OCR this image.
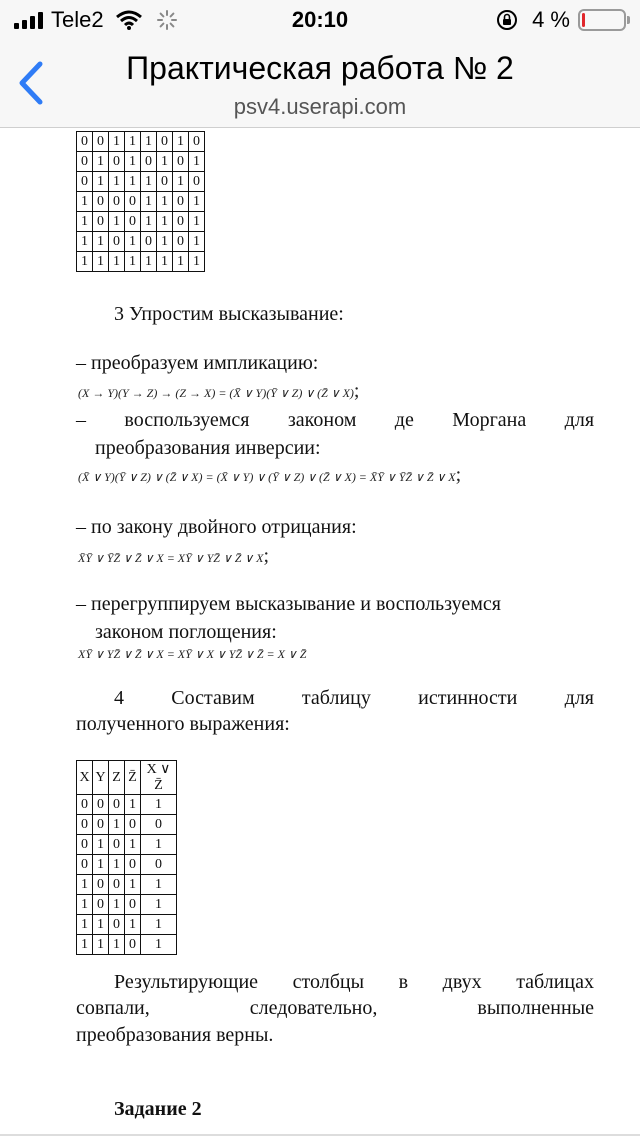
Tele2	20:10	4 %
Практическая работа № 2
psv4.userapi.com
0	0	1	1	1	0	1	0
0	1	0	1	0	1	0	1
0	1	1	1	1	0	1	0
1	0	0	0	1	1	0	1
1	0	1	0	1	1	0	1
1	1	0	1	0	1	0	1
1	1	1	1	1	1	1	1
3 Упростим высказывание:
– преобразуем импликацию:
(X → Y)(Y → Z) → (Z → X) = (X̄ ∨ Y)(Ȳ ∨ Z) ∨ (Z̄ ∨ X);
– воспользуемся законом де Моргана для
преобразования инверсии:
(X̄ ∨ Y)(Ȳ ∨ Z) ∨ (Z̄ ∨ X) = (X̄ ∨ Y) ∨ (Ȳ ∨ Z) ∨ (Z̄ ∨ X) = X̄Ȳ ∨ ȲZ̄ ∨ Z̄ ∨ X;
– по закону двойного отрицания:
X̄Ȳ ∨ ȲZ̄ ∨ Z̄ ∨ X = XȲ ∨ YZ̄ ∨ Z̄ ∨ X;
– перегруппируем высказывание и воспользуемся
законом поглощения:
XȲ ∨ YZ̄ ∨ Z̄ ∨ X = XȲ ∨ X ∨ YZ̄ ∨ Z̄ = X ∨ Z̄
4 Составим таблицу истинности для
полученного выражения:
X	Y	Z	Z̄	X ∨ Z̄
0	0	0	1	1
0	0	1	0	0
0	1	0	1	1
0	1	1	0	0
1	0	0	1	1
1	0	1	0	1
1	1	0	1	1
1	1	1	0	1
Результирующие столбцы в двух таблицах
совпали,	следовательно,	выполненные
преобразования верны.
Задание 2
